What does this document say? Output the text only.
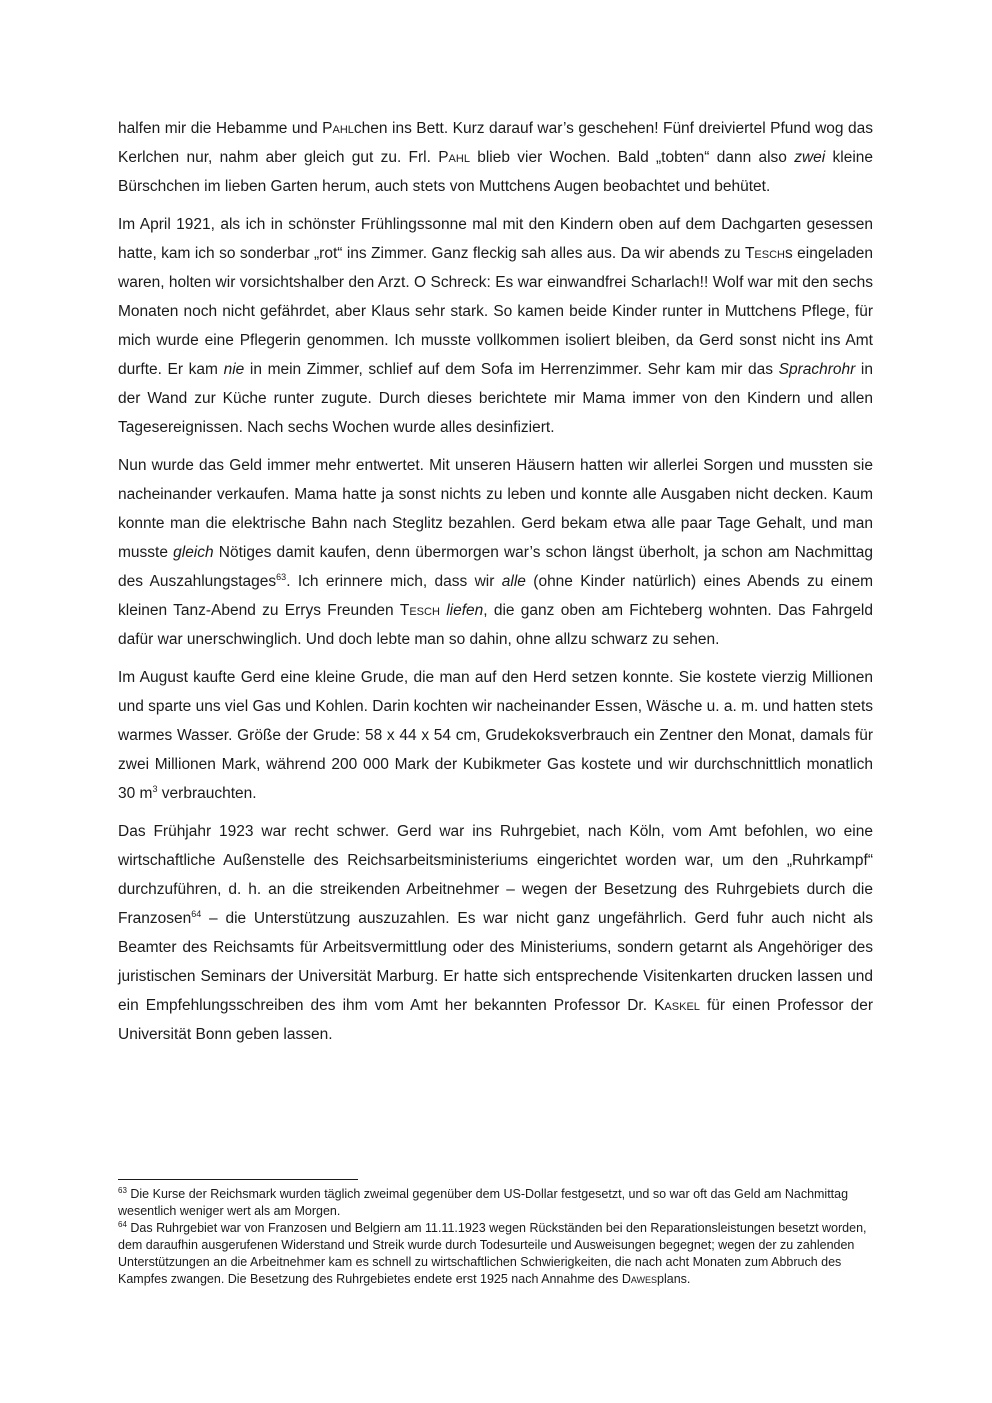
halfen mir die Hebamme und Pahlchen ins Bett. Kurz darauf war’s geschehen! Fünf dreiviertel Pfund wog das Kerlchen nur, nahm aber gleich gut zu. Frl. Pahl blieb vier Wochen. Bald „tobten“ dann also zwei kleine Bürschchen im lieben Garten herum, auch stets von Muttchens Augen beobachtet und behütet.

Im April 1921, als ich in schönster Frühlingssonne mal mit den Kindern oben auf dem Dachgarten gesessen hatte, kam ich so sonderbar „rot“ ins Zimmer. Ganz fleckig sah alles aus. Da wir abends zu Teschs eingeladen waren, holten wir vorsichtshalber den Arzt. O Schreck: Es war einwandfrei Scharlach!! Wolf war mit den sechs Monaten noch nicht gefährdet, aber Klaus sehr stark. So kamen beide Kinder runter in Muttchens Pflege, für mich wurde eine Pflegerin genommen. Ich musste vollkommen isoliert bleiben, da Gerd sonst nicht ins Amt durfte. Er kam nie in mein Zimmer, schlief auf dem Sofa im Herrenzimmer. Sehr kam mir das Sprachrohr in der Wand zur Küche runter zugute. Durch dieses berichtete mir Mama immer von den Kindern und allen Tagesereignissen. Nach sechs Wochen wurde alles desinfiziert.

Nun wurde das Geld immer mehr entwertet. Mit unseren Häusern hatten wir allerlei Sorgen und mussten sie nacheinander verkaufen. Mama hatte ja sonst nichts zu leben und konnte alle Ausgaben nicht decken. Kaum konnte man die elektrische Bahn nach Steglitz bezahlen. Gerd bekam etwa alle paar Tage Gehalt, und man musste gleich Nötiges damit kaufen, denn übermorgen war’s schon längst überholt, ja schon am Nachmittag des Auszahlungstages$^{63}$. Ich erinnere mich, dass wir alle (ohne Kinder natürlich) eines Abends zu einem kleinen Tanz-Abend zu Errys Freunden Tesch liefen, die ganz oben am Fichteberg wohnten. Das Fahrgeld dafür war unerschwinglich. Und doch lebte man so dahin, ohne allzu schwarz zu sehen.

Im August kaufte Gerd eine kleine Grude, die man auf den Herd setzen konnte. Sie kostete vierzig Millionen und sparte uns viel Gas und Kohlen. Darin kochten wir nacheinander Essen, Wäsche u. a. m. und hatten stets warmes Wasser. Größe der Grude: 58 x 44 x 54 cm, Grudekoksverbrauch ein Zentner den Monat, damals für zwei Millionen Mark, während 200 000 Mark der Kubikmeter Gas kostete und wir durchschnittlich monatlich 30 $m^3$ verbrauchten.

Das Frühjahr 1923 war recht schwer. Gerd war ins Ruhrgebiet, nach Köln, vom Amt befohlen, wo eine wirtschaftliche Außenstelle des Reichsarbeitsministeriums eingerichtet worden war, um den „Ruhrkampf“ durchzuführen, d. h. an die streikenden Arbeitnehmer – wegen der Besetzung des Ruhrgebiets durch die Franzosen$^{64}$ – die Unterstützung auszuzahlen. Es war nicht ganz ungefährlich. Gerd fuhr auch nicht als Beamter des Reichsamts für Arbeitsvermittlung oder des Ministeriums, sondern getarnt als Angehöriger des juristischen Seminars der Universität Marburg. Er hatte sich entsprechende Visitenkarten drucken lassen und ein Empfehlungsschreiben des ihm vom Amt her bekannten Professor Dr. Kaskel für einen Professor der Universität Bonn geben lassen.

$^{63}$ Die Kurse der Reichsmark wurden täglich zweimal gegenüber dem US-Dollar festgesetzt, und so war oft das Geld am Nachmittag wesentlich weniger wert als am Morgen.

$^{64}$ Das Ruhrgebiet war von Franzosen und Belgiern am 11.11.1923 wegen Rückständen bei den Reparationsleistungen besetzt worden, dem daraufhin ausgerufenen Widerstand und Streik wurde durch Todesurteile und Ausweisungen begegnet; wegen der zu zahlenden Unterstützungen an die Arbeitnehmer kam es schnell zu wirtschaftlichen Schwierigkeiten, die nach acht Monaten zum Abbruch des Kampfes zwangen. Die Besetzung des Ruhrgebietes endete erst 1925 nach Annahme des Dawesplans.
